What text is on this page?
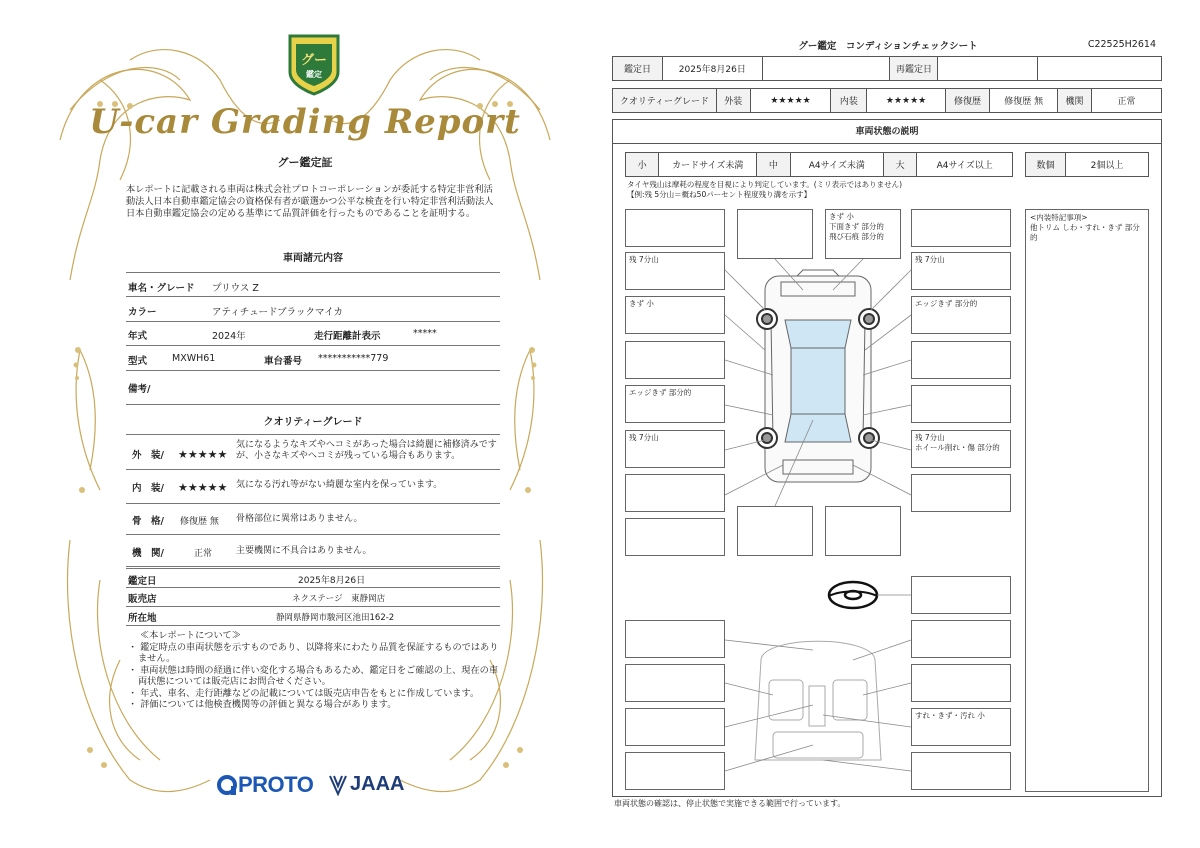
グー
鑑定
U-car Grading Report
グー鑑定証
本レポートに記載される車両は株式会社プロトコーポレーションが委託する特定非営利活動法人日本自動車鑑定協会の資格保有者が厳選かつ公平な検査を行い特定非営利活動法人日本自動車鑑定協会の定める基準にて品質評価を行ったものであることを証明する。
車両諸元内容
車名・グレード プリウス Z
カラー	アティチュードブラックマイカ
年式	2024年	走行距離計表示	*****
型式	MXWH61	車台番号 ***********779
備考/
クオリティーグレード
外　装/ ★★★★★
気になるようなキズやヘコミがあった場合は綺麗に補修済みですが、小さなキズやヘコミが残っている場合もあります。
内　装/ ★★★★★ 気になる汚れ等がない綺麗な室内を保っています。
骨　格/ 修復歴 無 骨格部位に異常はありません。
機　関/	正常	主要機関に不具合はありません。
鑑定日	2025年8月26日
販売店	ネクステージ　東静岡店
所在地	静岡県静岡市駿河区池田162-2
≪本レポートについて≫
・ 鑑定時点の車両状態を示すものであり、以降将来にわたり品質を保証するものではありません。
・ 車両状態は時間の経過に伴い変化する場合もあるため、鑑定日をご確認の上、現在の車両状態については販売店にお問合せください。
・ 年式、車名、走行距離などの記載については販売店申告をもとに作成しています。
・ 評価については他検査機関等の評価と異なる場合があります。
PROTO JAAA
グー鑑定　コンディションチェックシート	C22525H2614
鑑定日	2025年8月26日		再鑑定日		
クオリティーグレード	外装	★★★★★	内装	★★★★★	修復歴	修復歴 無	機関	正常
車両状態の説明
小	カードサイズ未満	中	A4サイズ未満	大	A4サイズ以上	数個	2個以上
タイヤ残山は摩耗の程度を目視により判定しています。(ミリ表示ではありません)
【例:残 5分山＝概ね50パーセント程度残り溝を示す】
きず 小
下面きず 部分的
飛び石痕 部分的
残 7分山	残 7分山
きず 小	エッジきず 部分的
エッジきず 部分的
残 7分山	残 7分山
ホイール削れ・傷 部分的
すれ・きず・汚れ 小
<内装特記事項>
他トリム しわ・すれ・きず 部分的
車両状態の確認は、停止状態で実施できる範囲で行っています。
